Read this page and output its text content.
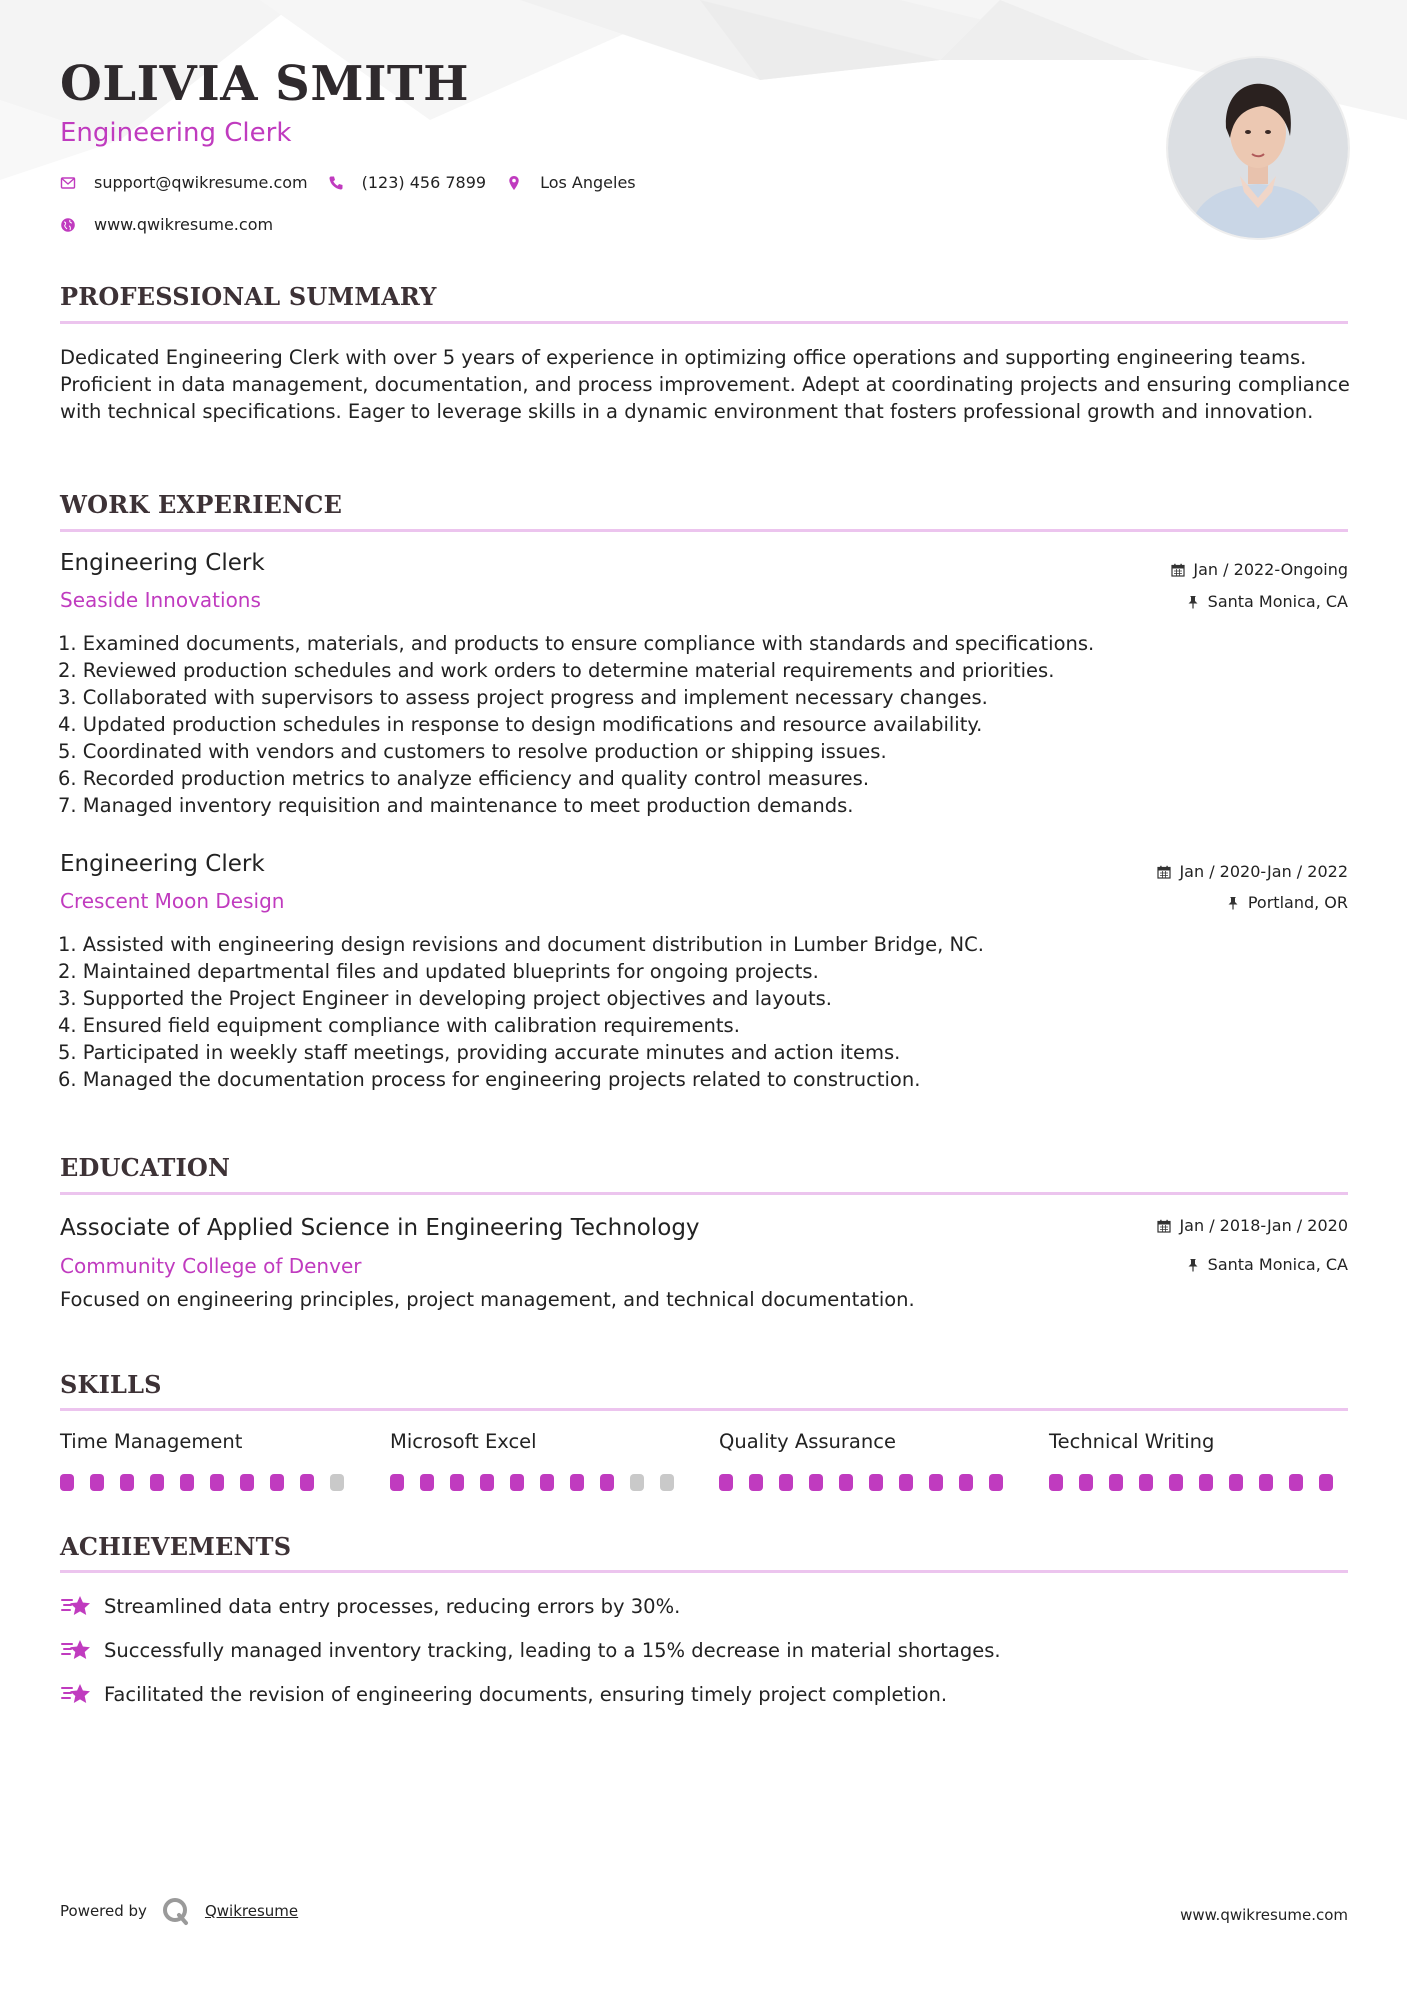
OLIVIA SMITH
Engineering Clerk
support@qwikresume.com	(123) 456 7899	Los Angeles
www.qwikresume.com
PROFESSIONAL SUMMARY

Dedicated Engineering Clerk with over 5 years of experience in optimizing office operations and supporting engineering teams. Proficient in data management, documentation, and process improvement. Adept at coordinating projects and ensuring compliance with technical specifications. Eager to leverage skills in a dynamic environment that fosters professional growth and innovation.

WORK EXPERIENCE
Engineering Clerk
Seaside Innovations
Jan / 2022-Ongoing
Santa Monica, CA
1. Examined documents, materials, and products to ensure compliance with standards and specifications.
2. Reviewed production schedules and work orders to determine material requirements and priorities.
3. Collaborated with supervisors to assess project progress and implement necessary changes.
4. Updated production schedules in response to design modifications and resource availability.
5. Coordinated with vendors and customers to resolve production or shipping issues.
6. Recorded production metrics to analyze efficiency and quality control measures.
7. Managed inventory requisition and maintenance to meet production demands.
Engineering Clerk
Crescent Moon Design
Jan / 2020-Jan / 2022
Portland, OR
1. Assisted with engineering design revisions and document distribution in Lumber Bridge, NC.
2. Maintained departmental files and updated blueprints for ongoing projects.
3. Supported the Project Engineer in developing project objectives and layouts.
4. Ensured field equipment compliance with calibration requirements.
5. Participated in weekly staff meetings, providing accurate minutes and action items.
6. Managed the documentation process for engineering projects related to construction.
EDUCATION
Associate of Applied Science in Engineering Technology
Community College of Denver
Jan / 2018-Jan / 2020
Santa Monica, CA
Focused on engineering principles, project management, and technical documentation.
SKILLS
Time Management	Microsoft Excel	Quality Assurance	Technical Writing
ACHIEVEMENTS
Streamlined data entry processes, reducing errors by 30%.
Successfully managed inventory tracking, leading to a 15% decrease in material shortages.
Facilitated the revision of engineering documents, ensuring timely project completion.
Powered by	Qwikresume	www.qwikresume.com
